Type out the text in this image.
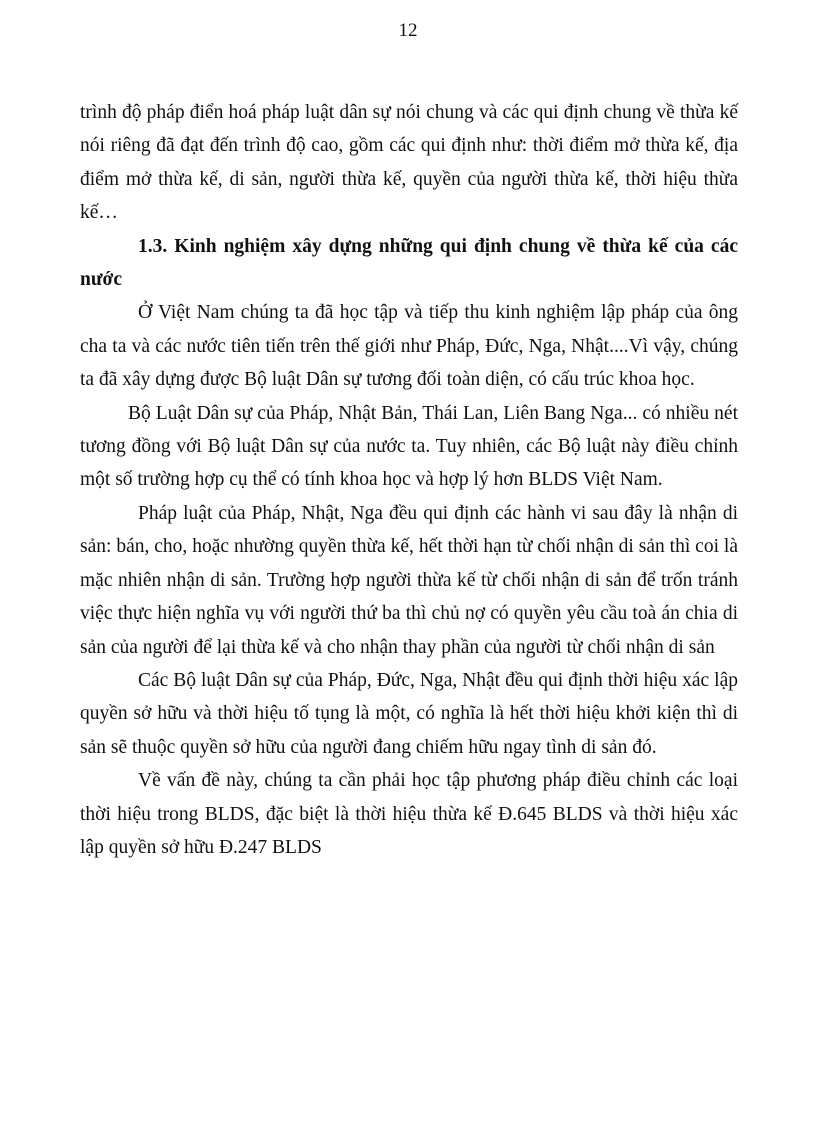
12

trình độ pháp điển hoá pháp luật dân sự nói chung và các qui định chung về thừa kế nói riêng đã đạt đến trình độ cao, gồm các qui định như: thời điểm mở thừa kế, địa điểm mở thừa kế, di sản, người thừa kế, quyền của người thừa kế, thời hiệu thừa kế…

1.3. Kinh nghiệm xây dựng những qui định chung về thừa kế của các nước

Ở Việt Nam chúng ta đã học tập và tiếp thu kinh nghiệm lập pháp của ông cha ta và các nước tiên tiến trên thế giới như Pháp, Đức, Nga, Nhật....Vì vậy, chúng ta đã xây dựng được Bộ luật Dân sự tương đối toàn diện, có cấu trúc khoa học.

Bộ Luật Dân sự của Pháp, Nhật Bản, Thái Lan, Liên Bang Nga... có nhiều nét tương đồng với Bộ luật Dân sự của nước ta. Tuy nhiên, các Bộ luật này điều chỉnh một số trường hợp cụ thể có tính khoa học và hợp lý hơn BLDS Việt Nam.

Pháp luật của Pháp, Nhật, Nga đều qui định các hành vi sau đây là nhận di sản: bán, cho, hoặc nhường quyền thừa kế, hết thời hạn từ chối nhận di sản thì coi là mặc nhiên nhận di sản. Trường hợp người thừa kế từ chối nhận di sản để trốn tránh việc thực hiện nghĩa vụ với người thứ ba thì chủ nợ có quyền yêu cầu toà án chia di sản của người để lại thừa kế và cho nhận thay phần của người từ chối nhận di sản

Các Bộ luật Dân sự của Pháp, Đức, Nga, Nhật đều qui định thời hiệu xác lập quyền sở hữu và thời hiệu tố tụng là một, có nghĩa là hết thời hiệu khởi kiện thì di sản sẽ thuộc quyền sở hữu của người đang chiếm hữu ngay tình di sản đó.

Về vấn đề này, chúng ta cần phải học tập phương pháp điều chỉnh các loại thời hiệu trong BLDS, đặc biệt là thời hiệu thừa kế Đ.645 BLDS và thời hiệu xác lập quyền sở hữu Đ.247 BLDS
